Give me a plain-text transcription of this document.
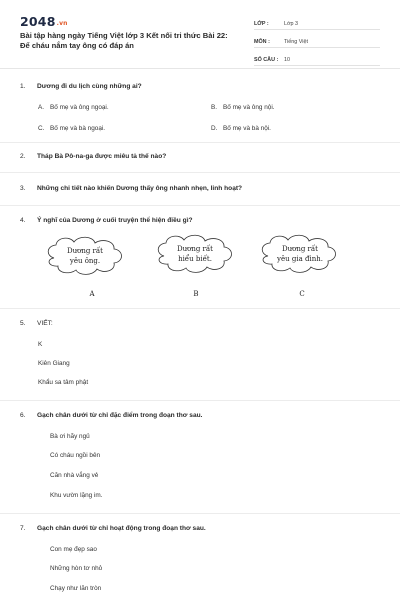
2048.vn
Bài tập hàng ngày Tiếng Việt lớp 3 Kết nối tri thức Bài 22: Để cháu nắm tay ông có đáp án
LỚP :	Lớp 3
MÔN :	Tiếng Việt
SỐ CÂU :	10
1. Dương đi du lịch cùng những ai?
A. Bố mẹ và ông ngoại.	B. Bố mẹ và ông nội.
C. Bố mẹ và bà ngoại.	D. Bố mẹ và bà nội.
2. Tháp Bà Pô-na-ga được miêu tả thế nào?
3. Những chi tiết nào khiến Dương thấy ông nhanh nhẹn, linh hoạt?
4. Ý nghĩ của Dương ở cuối truyện thể hiện điều gì?
Dương rất
yêu ông.
A
Dương rất
hiểu biết.
B
Dương rất
yêu gia đình.
C
5. VIẾT:
K
Kiên Giang
Khẩu sa tâm phật
6. Gạch chân dưới từ chỉ đặc điểm trong đoạn thơ sau.
Bà ơi hãy ngủ
Có cháu ngồi bên
Căn nhà vắng vẻ
Khu vườn lặng im.
7. Gạch chân dưới từ chỉ hoạt động trong đoạn thơ sau.
Con mẹ đẹp sao
Những hòn tơ nhỏ
Chạy như lăn tròn
